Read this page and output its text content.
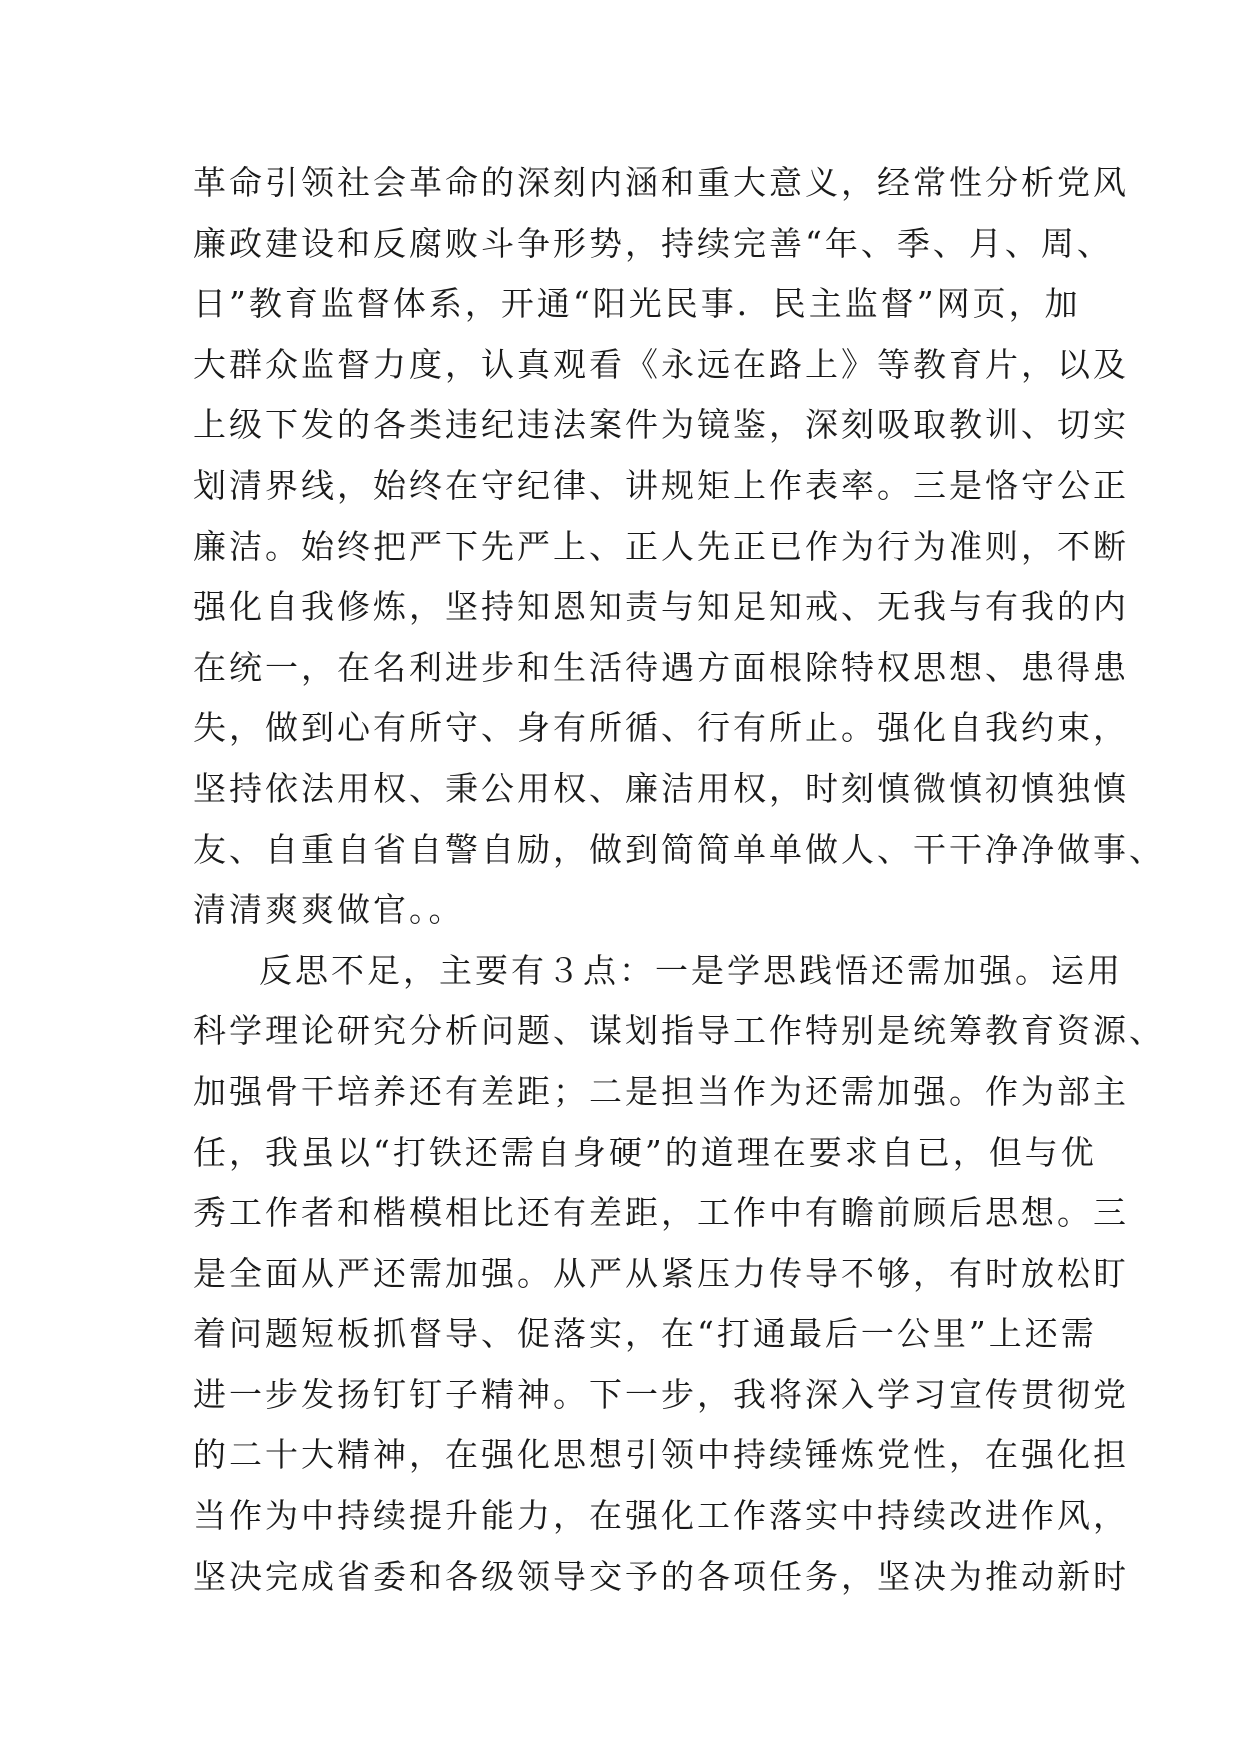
革命引领社会革命的深刻内涵和重大意义，经常性分析党风
廉政建设和反腐败斗争形势，持续完善“年、季、月、周、
日”教育监督体系，开通“阳光民事．民主监督”网页，加
大群众监督力度，认真观看《永远在路上》等教育片，以及
上级下发的各类违纪违法案件为镜鉴，深刻吸取教训、切实
划清界线，始终在守纪律、讲规矩上作表率。三是恪守公正
廉洁。始终把严下先严上、正人先正已作为行为准则，不断
强化自我修炼，坚持知恩知责与知足知戒、无我与有我的内
在统一，在名利进步和生活待遇方面根除特权思想、患得患
失，做到心有所守、身有所循、行有所止。强化自我约束，
坚持依法用权、秉公用权、廉洁用权，时刻慎微慎初慎独慎
友、自重自省自警自励，做到简简单单做人、干干净净做事、
清清爽爽做官。。
反思不足，主要有３点：一是学思践悟还需加强。运用
科学理论研究分析问题、谋划指导工作特别是统筹教育资源、
加强骨干培养还有差距；二是担当作为还需加强。作为部主
任，我虽以“打铁还需自身硬”的道理在要求自已，但与优
秀工作者和楷模相比还有差距，工作中有瞻前顾后思想。三
是全面从严还需加强。从严从紧压力传导不够，有时放松盯
着问题短板抓督导、促落实，在“打通最后一公里”上还需
进一步发扬钉钉子精神。下一步，我将深入学习宣传贯彻党
的二十大精神，在强化思想引领中持续锤炼党性，在强化担
当作为中持续提升能力，在强化工作落实中持续改进作风，
坚决完成省委和各级领导交予的各项任务，坚决为推动新时
